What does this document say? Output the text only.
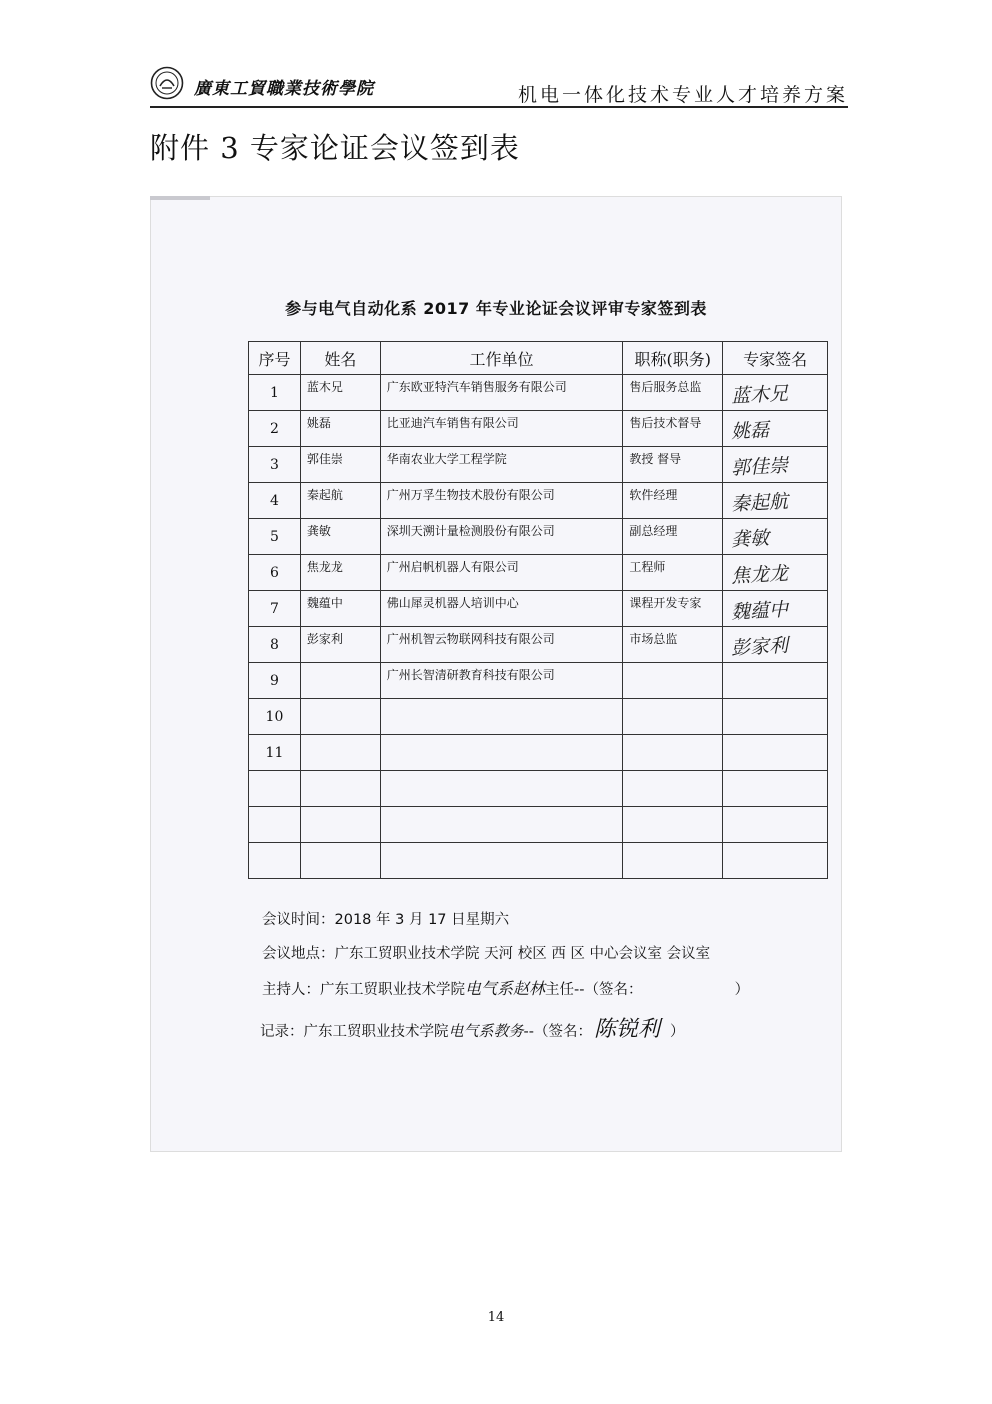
廣東工貿職業技術學院	机电一体化技术专业人才培养方案
附件 3 专家论证会议签到表
参与电气自动化系 2017 年专业论证会议评审专家签到表
序号	姓名	工作单位	职称(职务)	专家签名
1	蓝木兄	广东欧亚特汽车销售服务有限公司	售后服务总监	蓝木兄

2	姚磊	比亚迪汽车销售有限公司	售后技术督导	姚磊

3	郭佳崇	华南农业大学工程学院	教授 督导	郭佳崇

4	秦起航	广州万孚生物技术股份有限公司	软件经理	秦起航

5	龚敏	深圳天溯计量检测股份有限公司	副总经理	龚敏

6	焦龙龙	广州启帆机器人有限公司	工程师	焦龙龙

7	魏蕴中	佛山犀灵机器人培训中心	课程开发专家	魏蕴中

8	彭家利	广州机智云物联网科技有限公司	市场总监	彭家利

9		广州长智清研教育科技有限公司		

10	

11	

会议时间：2018 年 3 月 17 日星期六
会议地点：广东工贸职业技术学院 天河 校区 西 区 中心会议室 会议室
主持人：广东工贸职业技术学院电气系赵林主任--（签名：                    ）
记录：广东工贸职业技术学院电气系教务--（签名：陈锐利 ）
14
